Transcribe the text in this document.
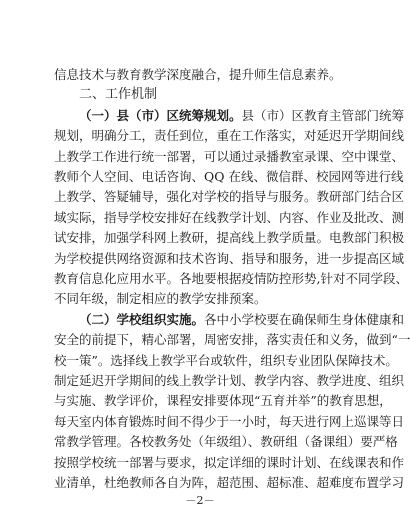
信息技术与教育教学深度融合，提升师生信息素养。
二、工作机制
（一）县（市）区统筹规划。县（市）区教育主管部门统筹
规划，明确分工，责任到位，重在工作落实，对延迟开学期间线
上教学工作进行统一部署，可以通过录播教室录课、空中课堂、
教师个人空间、电话咨询、QQ 在线、微信群、校园网等进行线
上教学、答疑辅导，强化对学校的指导与服务。教研部门结合区
域实际，指导学校安排好在线教学计划、内容、作业及批改、测
试安排，加强学科网上教研，提高线上教学质量。电教部门积极
为学校提供网络资源和技术咨询、指导和服务，进一步提高区域
教育信息化应用水平。各地要根据疫情防控形势,针对不同学段、
不同年级，制定相应的教学安排预案。
（二）学校组织实施。各中小学校要在确保师生身体健康和
安全的前提下，精心部署，周密安排，落实责任和义务，做到“一
校一策”。选择线上教学平台或软件，组织专业团队保障技术。
制定延迟开学期间的线上教学计划、教学内容、教学进度、组织
与实施、教学评价，课程安排要体现“五育并举”的教育思想，
每天室内体育锻炼时间不得少于一小时，每天进行网上巡课等日
常教学管理。各校教务处（年级组）、教研组（备课组）要严格
按照学校统一部署与要求，拟定详细的课时计划、在线课表和作
业清单，杜绝教师各自为阵，超范围、超标准、超难度布置学习
－2－
